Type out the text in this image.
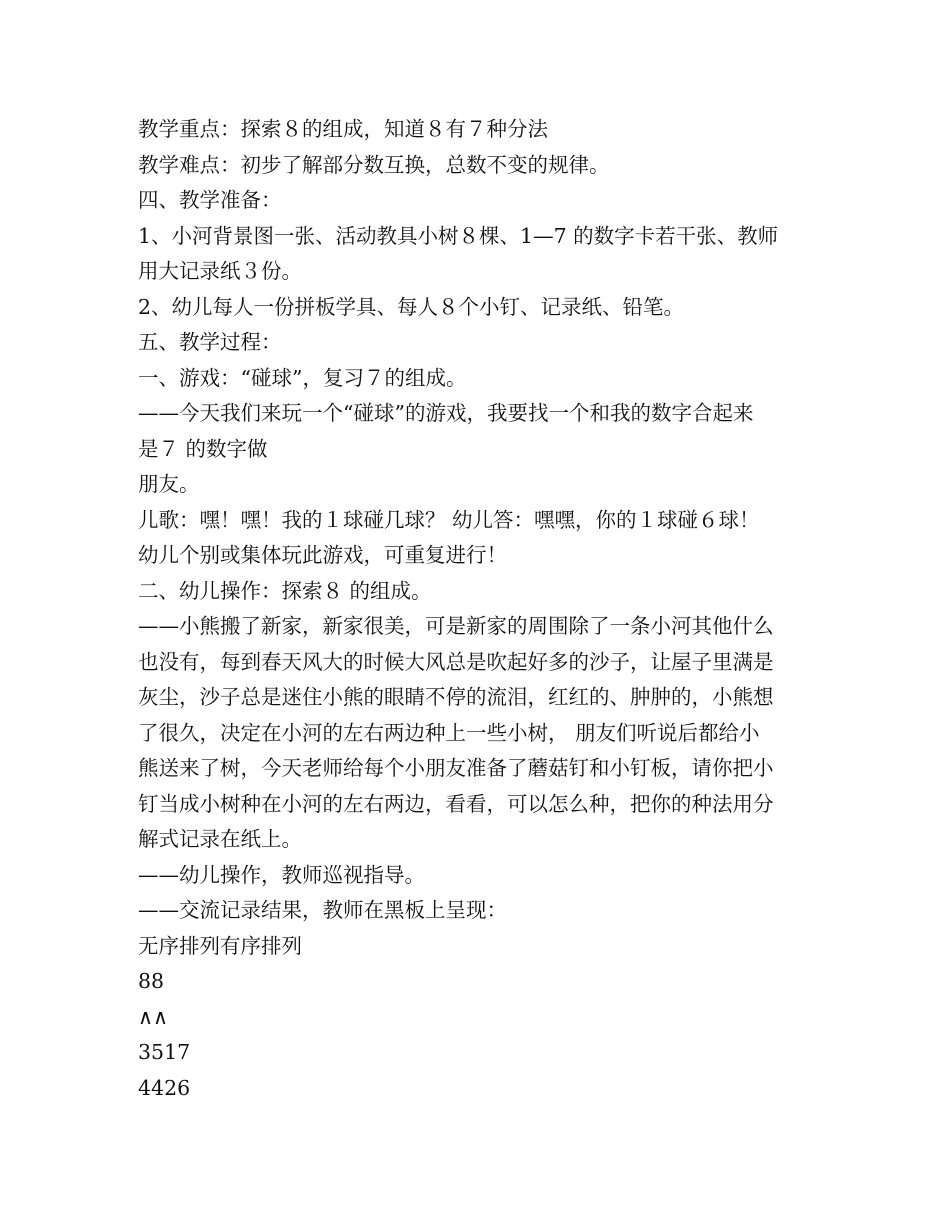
教学重点：探索８的组成，知道８有７种分法
教学难点：初步了解部分数互换，总数不变的规律。
四、教学准备：
1、小河背景图一张、活动教具小树８棵、1—7 的数字卡若干张、教师
用大记录纸３份。
2、幼儿每人一份拼板学具、每人８个小钉、记录纸、铅笔。
五、教学过程：
一、游戏：“碰球”，复习７的组成。
——今天我们来玩一个“碰球”的游戏，我要找一个和我的数字合起来
是７ 的数字做
朋友。
儿歌：嘿！嘿！我的１球碰几球？ 幼儿答：嘿嘿，你的１球碰６球！
幼儿个别或集体玩此游戏，可重复进行！
二、幼儿操作：探索８ 的组成。
——小熊搬了新家，新家很美，可是新家的周围除了一条小河其他什么
也没有，每到春天风大的时候大风总是吹起好多的沙子，让屋子里满是
灰尘，沙子总是迷住小熊的眼睛不停的流泪，红红的、肿肿的，小熊想
了很久，决定在小河的左右两边种上一些小树， 朋友们听说后都给小
熊送来了树，今天老师给每个小朋友准备了蘑菇钉和小钉板，请你把小
钉当成小树种在小河的左右两边，看看，可以怎么种，把你的种法用分
解式记录在纸上。
——幼儿操作，教师巡视指导。
——交流记录结果，教师在黑板上呈现：
无序排列有序排列
88
∧∧
3517
4426
